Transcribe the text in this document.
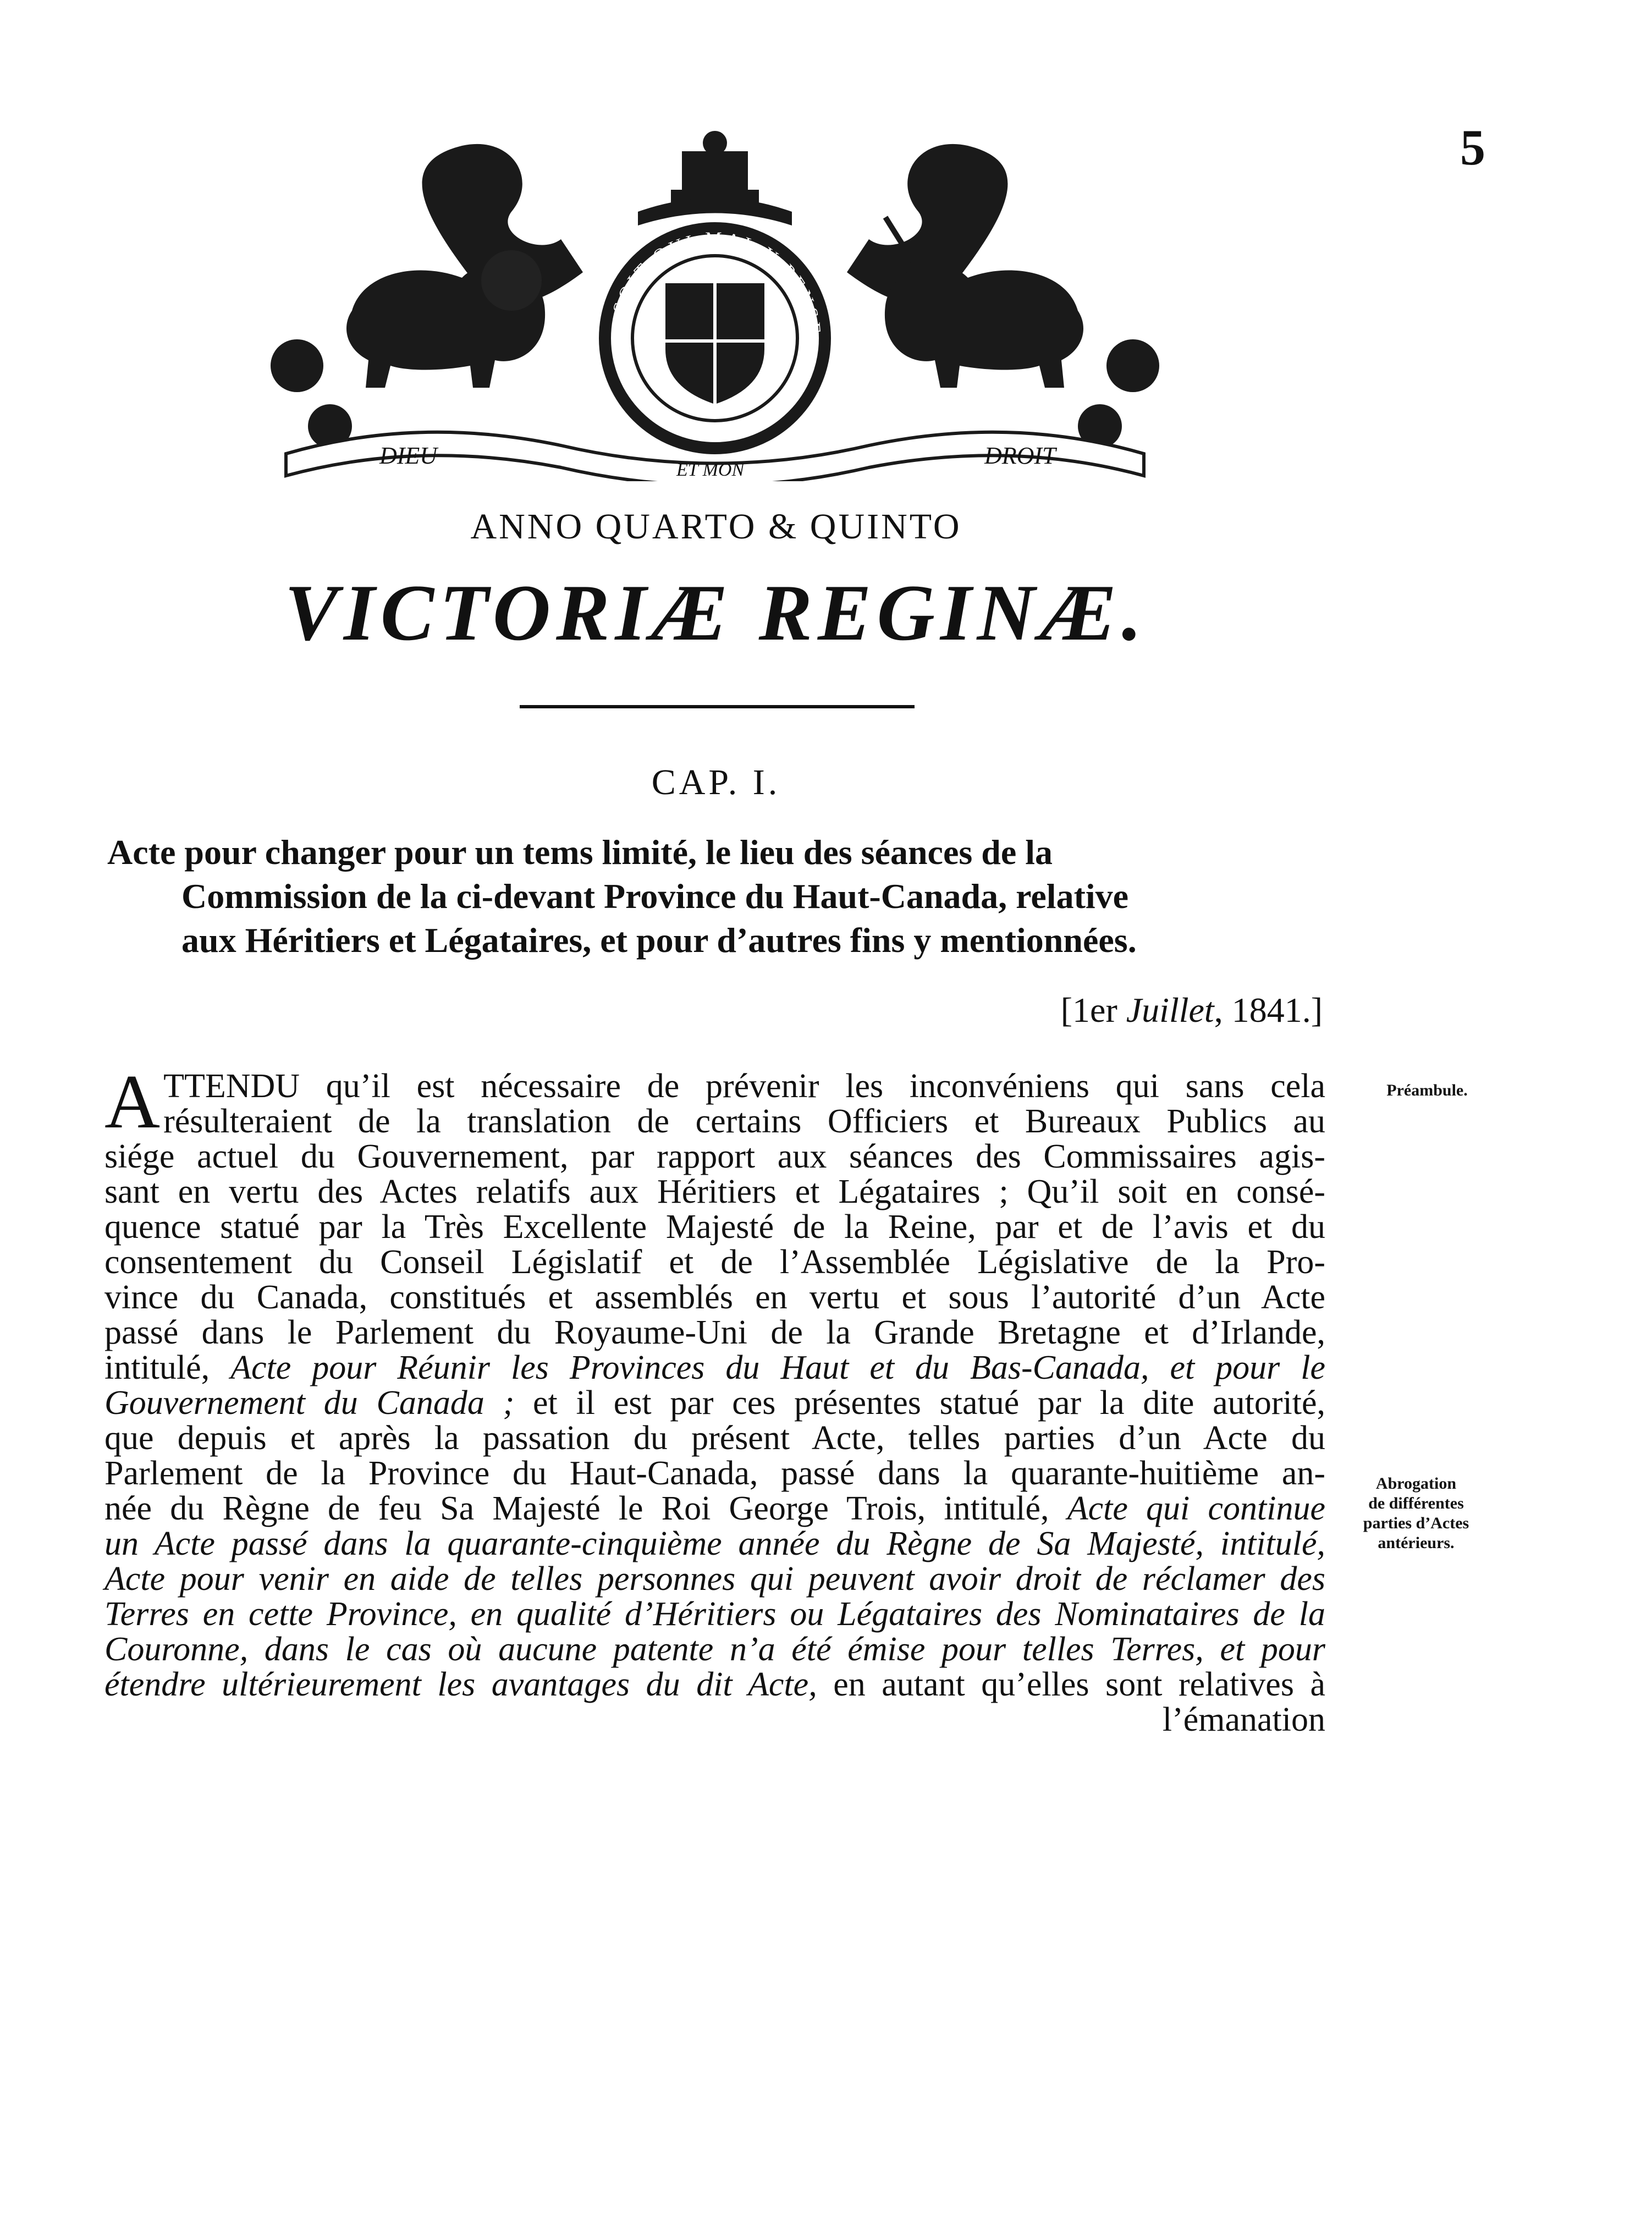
5
SOIT QUI MAL Y PENSE
DIEU
ET MON
DROIT
ANNO QUARTO & QUINTO
VICTORIÆ REGINÆ.
CAP. I.
Acte pour changer pour un tems limité, le lieu des séances de la
Commission de la ci-devant Province du Haut-Canada, relative
aux Héritiers et Légataires, et pour d’autres fins y mentionnées.
[1er Juillet, 1841.]
A TTENDU qu’il est nécessaire de prévenir les inconvéniens qui sans cela
résulteraient de la translation de certains Officiers et Bureaux Publics au
siége actuel du Gouvernement, par rapport aux séances des Commissaires agis-
sant en vertu des Actes relatifs aux Héritiers et Légataires ; Qu’il soit en consé-
quence statué par la Très Excellente Majesté de la Reine, par et de l’avis et du
consentement du Conseil Législatif et de l’Assemblée Législative de la Pro-
vince du Canada, constitués et assemblés en vertu et sous l’autorité d’un Acte
passé dans le Parlement du Royaume-Uni de la Grande Bretagne et d’Irlande,
intitulé, Acte pour Réunir les Provinces du Haut et du Bas-Canada, et pour le
Gouvernement du Canada ; et il est par ces présentes statué par la dite autorité,
que depuis et après la passation du présent Acte, telles parties d’un Acte du
Parlement de la Province du Haut-Canada, passé dans la quarante-huitième an-
née du Règne de feu Sa Majesté le Roi George Trois, intitulé, Acte qui continue
un Acte passé dans la quarante-cinquième année du Règne de Sa Majesté, intitulé,
Acte pour venir en aide de telles personnes qui peuvent avoir droit de réclamer des
Terres en cette Province, en qualité d’Héritiers ou Légataires des Nominataires de la
Couronne, dans le cas où aucune patente n’a été émise pour telles Terres, et pour
étendre ultérieurement les avantages du dit Acte, en autant qu’elles sont relatives à
l’émanation
Préambule.
Abrogation
de différentes
parties d’Actes
antérieurs.
